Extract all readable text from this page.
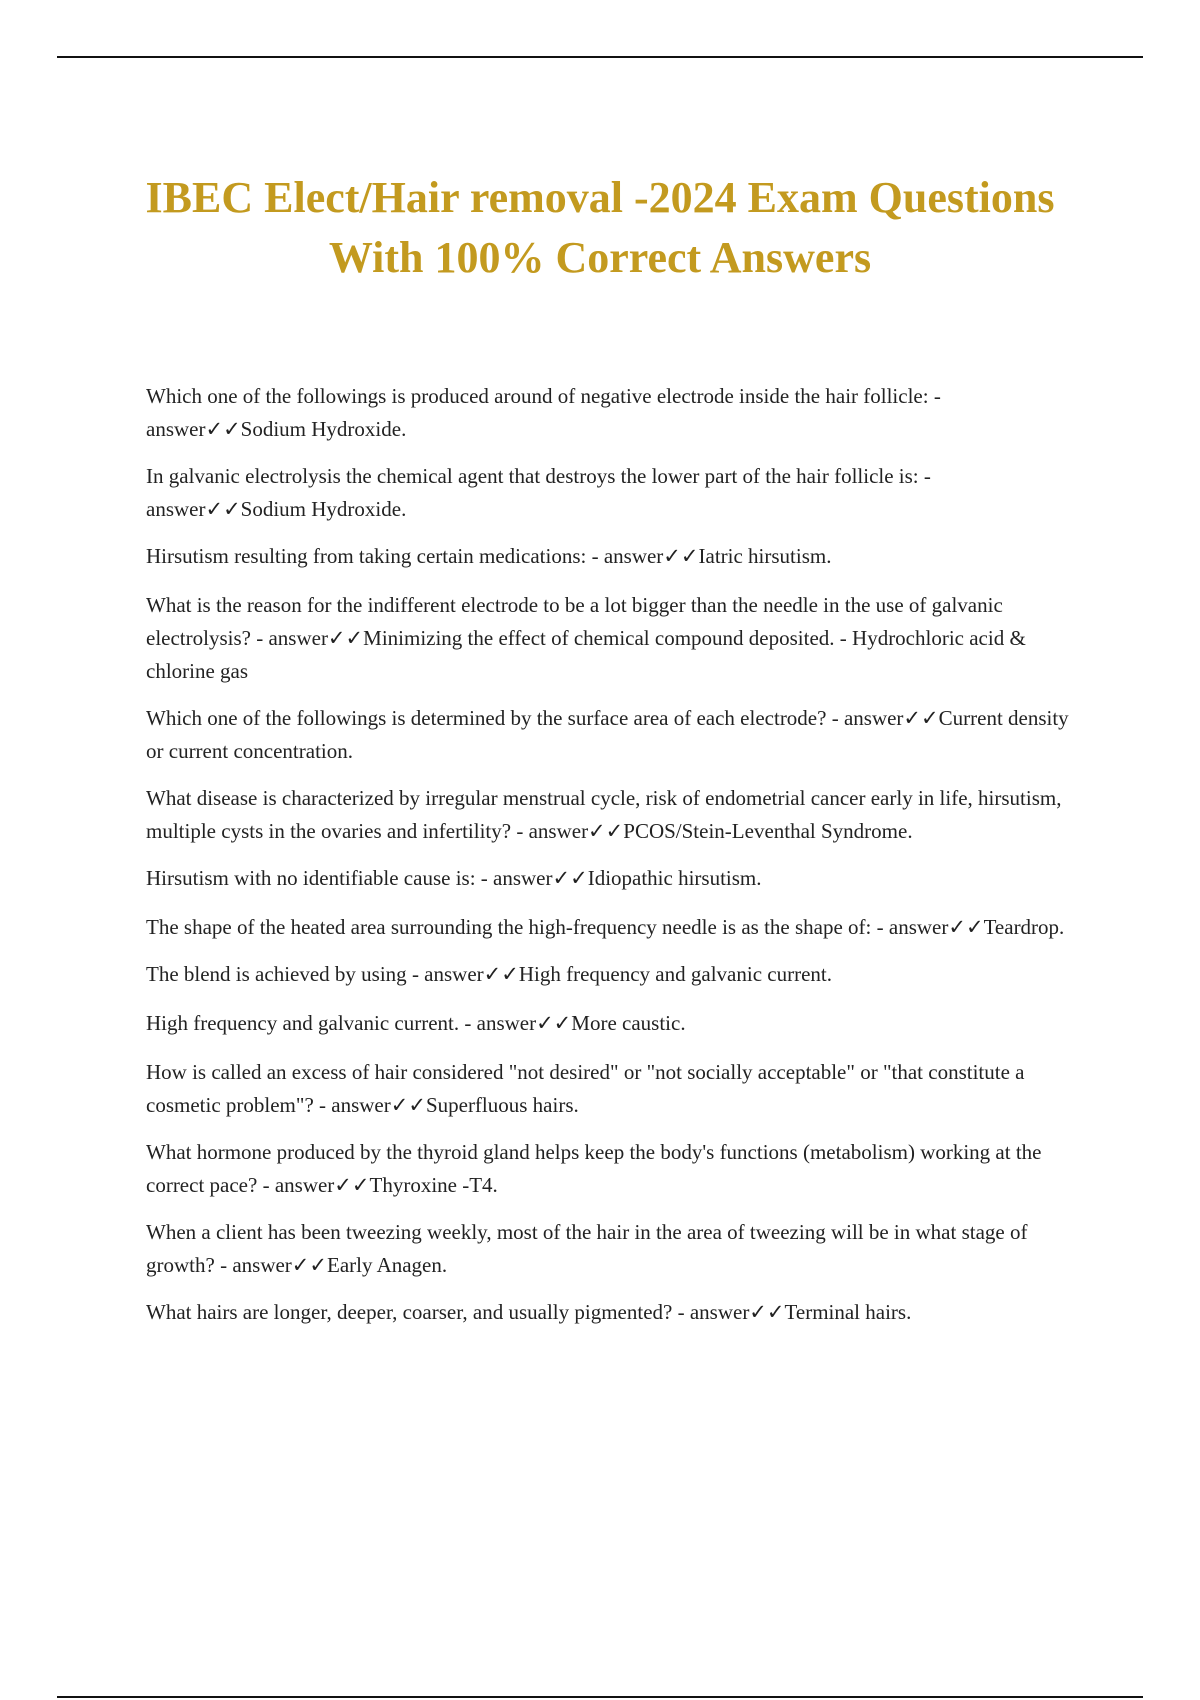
IBEC Elect/Hair removal -2024 Exam Questions With 100% Correct Answers

Which one of the followings is produced around of negative electrode inside the hair follicle: - answer✓✓Sodium Hydroxide.

In galvanic electrolysis the chemical agent that destroys the lower part of the hair follicle is: - answer✓✓Sodium Hydroxide.

Hirsutism resulting from taking certain medications: - answer✓✓Iatric hirsutism.

What is the reason for the indifferent electrode to be a lot bigger than the needle in the use of galvanic electrolysis? - answer✓✓Minimizing the effect of chemical compound deposited. - Hydrochloric acid & chlorine gas

Which one of the followings is determined by the surface area of each electrode? - answer✓✓Current density or current concentration.

What disease is characterized by irregular menstrual cycle, risk of endometrial cancer early in life, hirsutism, multiple cysts in the ovaries and infertility? - answer✓✓PCOS/Stein-Leventhal Syndrome.

Hirsutism with no identifiable cause is: - answer✓✓Idiopathic hirsutism.

The shape of the heated area surrounding the high-frequency needle is as the shape of: - answer✓✓Teardrop.

The blend is achieved by using - answer✓✓High frequency and galvanic current.

High frequency and galvanic current. - answer✓✓More caustic.

How is called an excess of hair considered "not desired" or "not socially acceptable" or "that constitute a cosmetic problem"? - answer✓✓Superfluous hairs.

What hormone produced by the thyroid gland helps keep the body's functions (metabolism) working at the correct pace? - answer✓✓Thyroxine -T4.

When a client has been tweezing weekly, most of the hair in the area of tweezing will be in what stage of growth? - answer✓✓Early Anagen.

What hairs are longer, deeper, coarser, and usually pigmented? - answer✓✓Terminal hairs.
